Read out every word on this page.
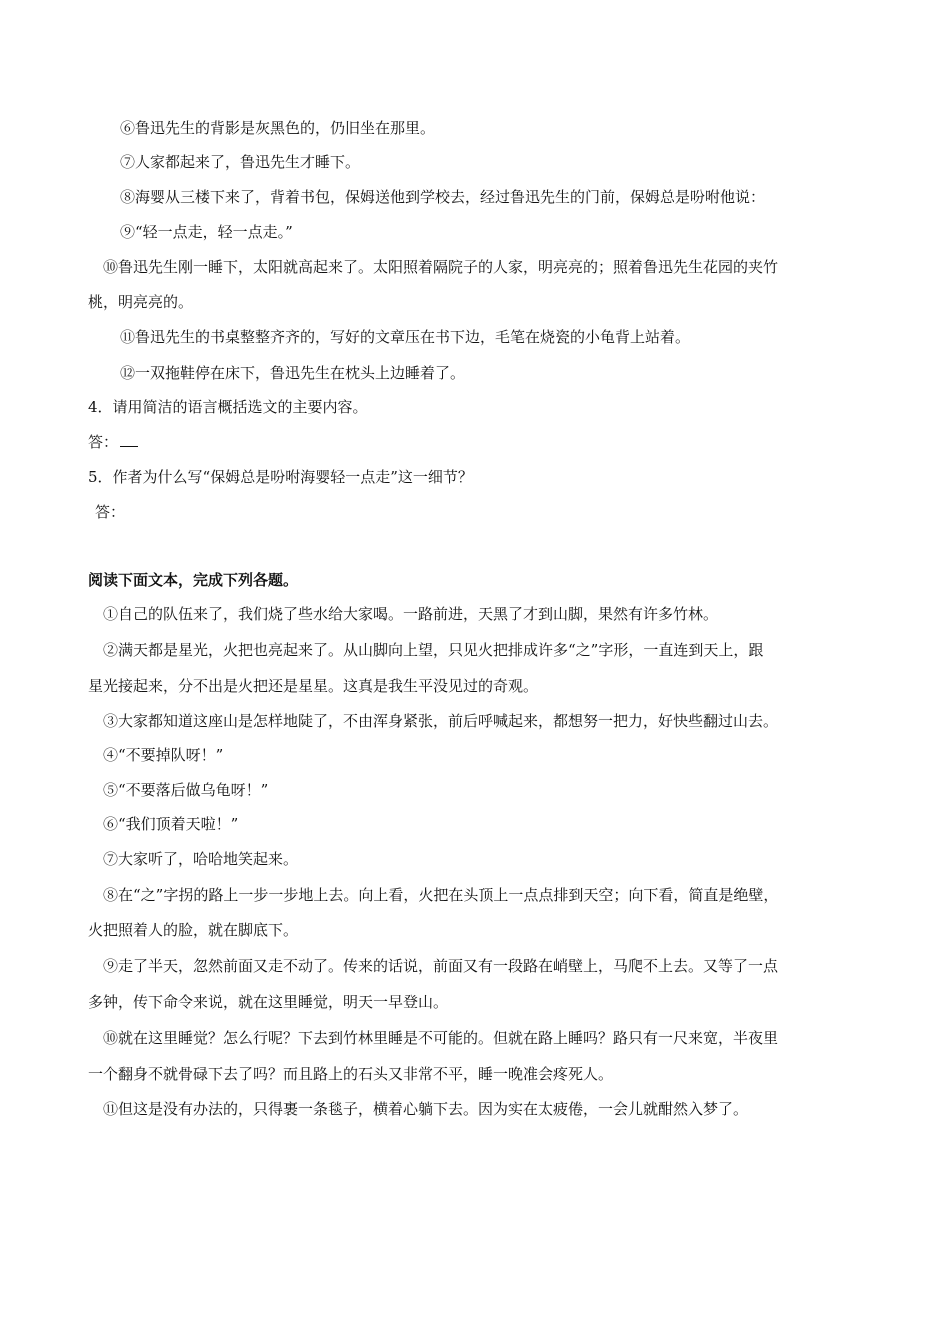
⑥鲁迅先生的背影是灰黑色的，仍旧坐在那里。
⑦人家都起来了，鲁迅先生才睡下。
⑧海婴从三楼下来了，背着书包，保姆送他到学校去，经过鲁迅先生的门前，保姆总是吩咐他说：
⑨“轻一点走，轻一点走。”
⑩鲁迅先生刚一睡下，太阳就高起来了。太阳照着隔院子的人家，明亮亮的；照着鲁迅先生花园的夹竹
桃，明亮亮的。
⑪鲁迅先生的书桌整整齐齐的，写好的文章压在书下边，毛笔在烧瓷的小龟背上站着。
⑫一双拖鞋停在床下，鲁迅先生在枕头上边睡着了。
4．请用简洁的语言概括选文的主要内容。
答：
5．作者为什么写“保姆总是吩咐海婴轻一点走”这一细节？
答：
阅读下面文本，完成下列各题。
①自己的队伍来了，我们烧了些水给大家喝。一路前进，天黑了才到山脚，果然有许多竹林。
②满天都是星光，火把也亮起来了。从山脚向上望，只见火把排成许多“之”字形，一直连到天上，跟
星光接起来，分不出是火把还是星星。这真是我生平没见过的奇观。
③大家都知道这座山是怎样地陡了，不由浑身紧张，前后呼喊起来，都想努一把力，好快些翻过山去。
④“不要掉队呀！”
⑤“不要落后做乌龟呀！”
⑥“我们顶着天啦！”
⑦大家听了，哈哈地笑起来。
⑧在“之”字拐的路上一步一步地上去。向上看，火把在头顶上一点点排到天空；向下看，简直是绝壁，
火把照着人的脸，就在脚底下。
⑨走了半天，忽然前面又走不动了。传来的话说，前面又有一段路在峭壁上，马爬不上去。又等了一点
多钟，传下命令来说，就在这里睡觉，明天一早登山。
⑩就在这里睡觉？怎么行呢？下去到竹林里睡是不可能的。但就在路上睡吗？路只有一尺来宽，半夜里
一个翻身不就骨碌下去了吗？而且路上的石头又非常不平，睡一晚准会疼死人。
⑪但这是没有办法的，只得裹一条毯子，横着心躺下去。因为实在太疲倦，一会儿就酣然入梦了。
